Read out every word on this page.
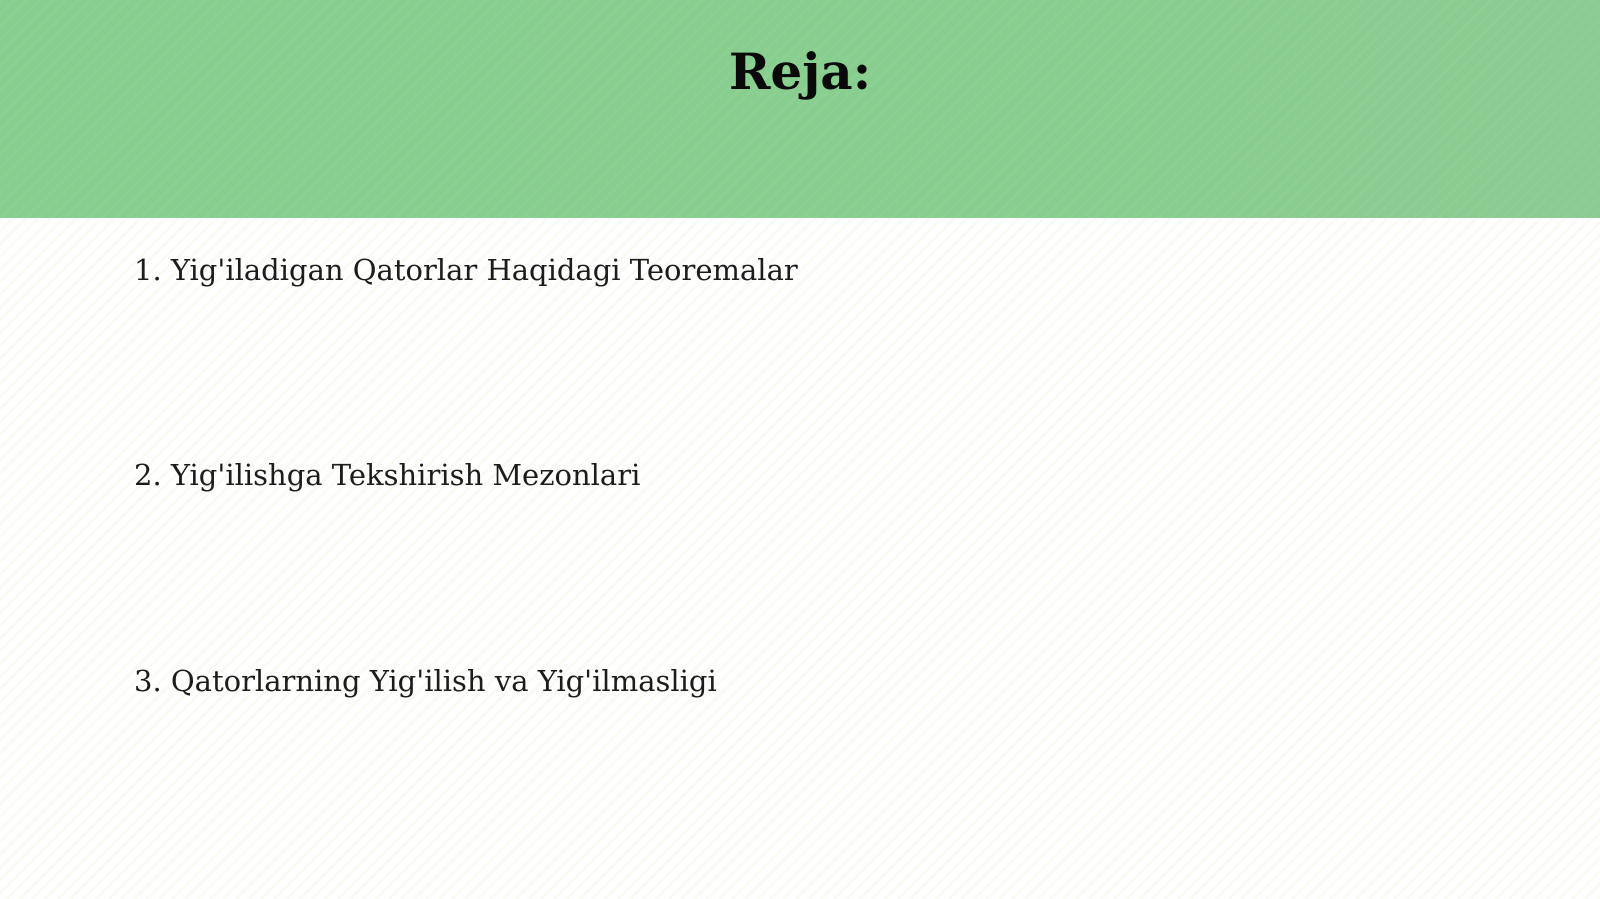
Reja:
1. Yig'iladigan Qatorlar Haqidagi Teoremalar
2. Yig'ilishga Tekshirish Mezonlari
3. Qatorlarning Yig'ilish va Yig'ilmasligi
